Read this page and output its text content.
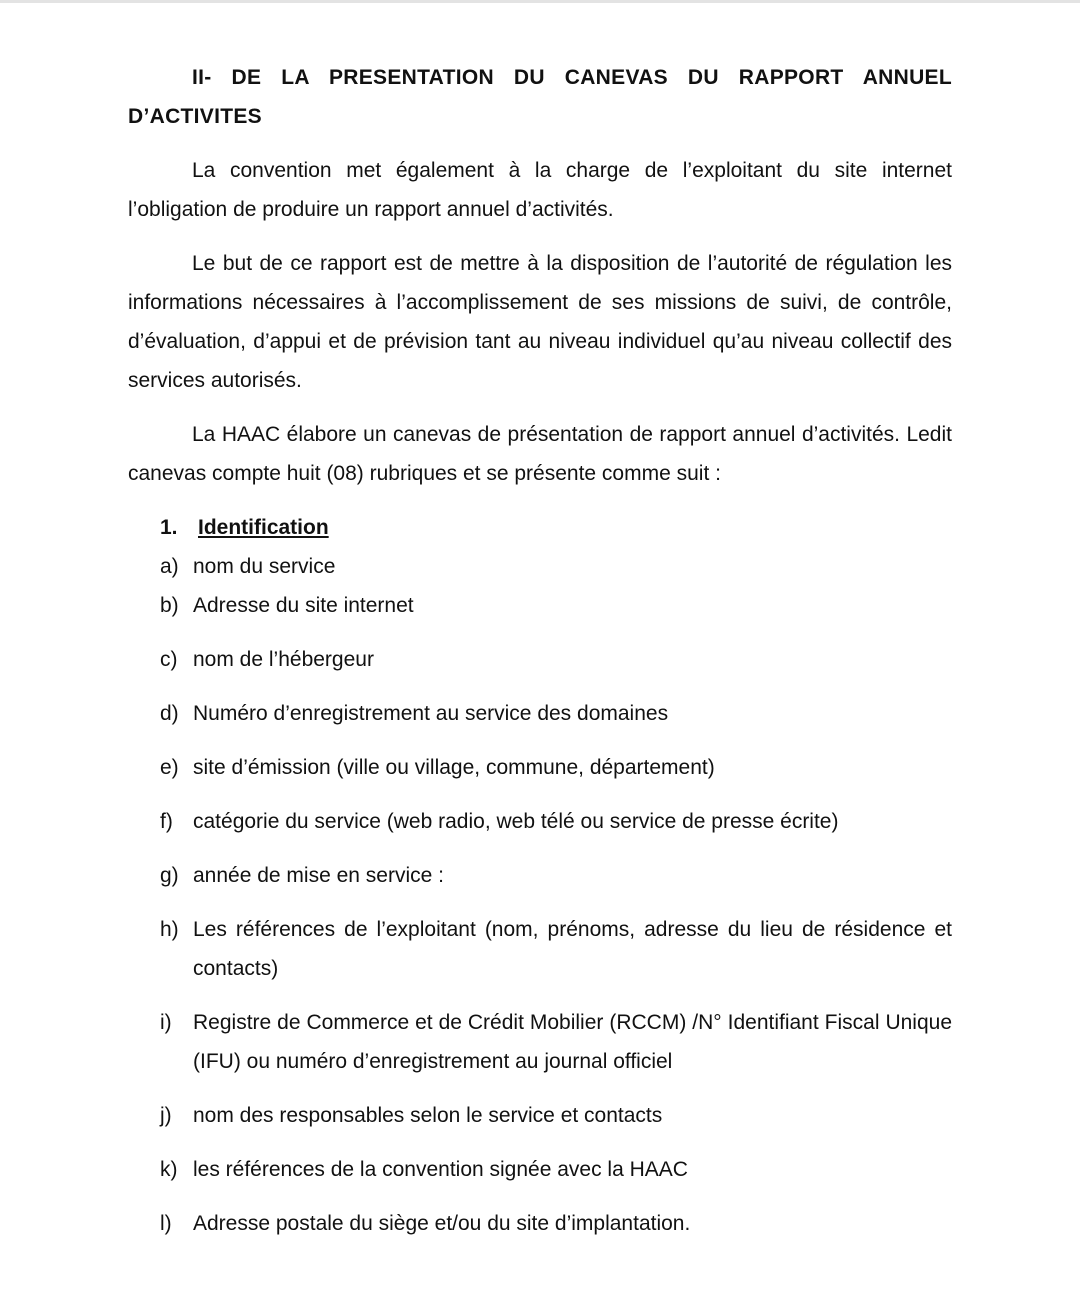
II- DE LA PRESENTATION DU CANEVAS DU RAPPORT ANNUEL D’ACTIVITES

La convention met également à la charge de l’exploitant du site internet l’obligation de produire un rapport annuel d’activités.

Le but de ce rapport est de mettre à la disposition de l’autorité de régulation les informations nécessaires à l’accomplissement de ses missions de suivi, de contrôle, d’évaluation, d’appui et de prévision tant au niveau individuel qu’au niveau collectif des services autorisés.

La HAAC élabore un canevas de présentation de rapport annuel d’activités. Ledit canevas compte huit (08) rubriques et se présente comme suit :

1. Identification
a) nom du service
b) Adresse du site internet
c) nom de l’hébergeur
d) Numéro d’enregistrement au service des domaines
e) site d’émission (ville ou village, commune, département)
f) catégorie du service (web radio, web télé ou service de presse écrite)
g) année de mise en service :
h) Les références de l’exploitant (nom, prénoms, adresse du lieu de résidence et contacts)
i)	Registre de Commerce et de Crédit Mobilier (RCCM) /N° Identifiant Fiscal Unique (IFU) ou numéro d’enregistrement au journal officiel
j)	nom des responsables selon le service et contacts
k) les références de la convention signée avec la HAAC
l)	Adresse postale du siège et/ou du site d’implantation.
